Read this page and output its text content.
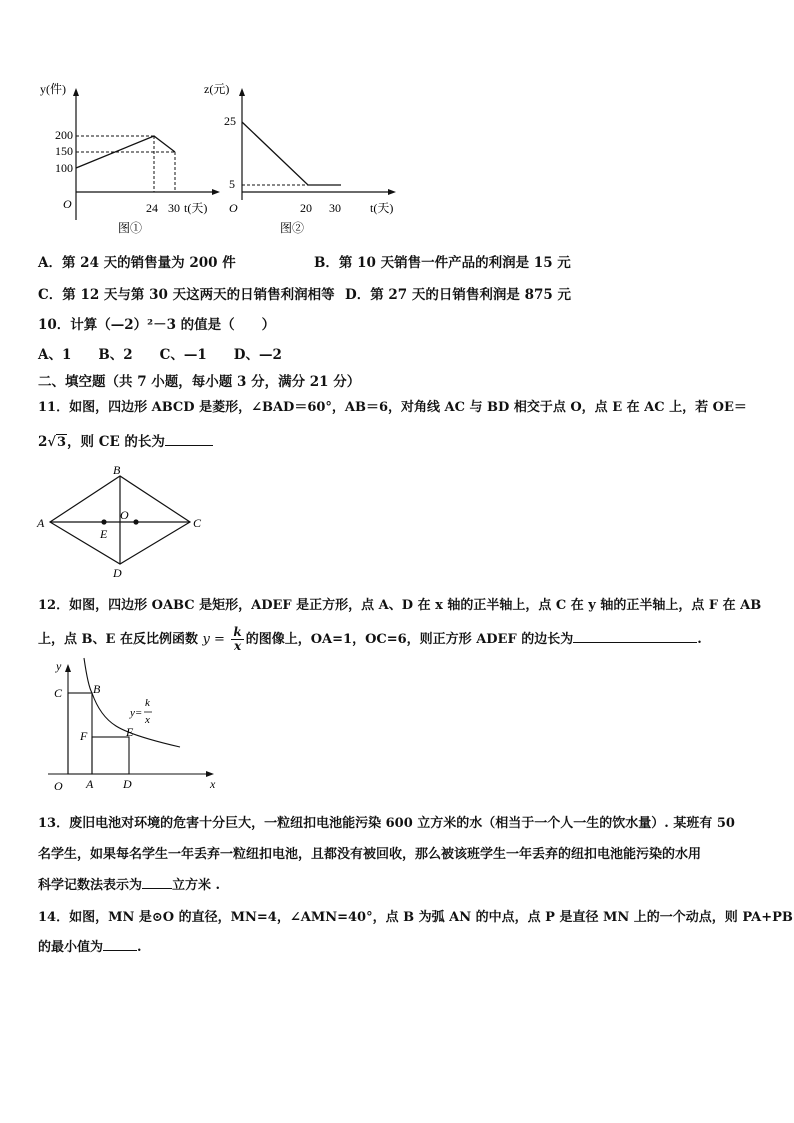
y(件)
200
150
100
O	24 30 t(天)
图①
z(元)
25
5
O	20 30 t(天)
图②
A．第 24 天的销售量为 200 件	B．第 10 天销售一件产品的利润是 15 元
C．第 12 天与第 30 天这两天的日销售利润相等 D．第 27 天的日销售利润是 875 元
10．计算（—2）²－3 的值是（　　）
A、1　　B、2　　C、—1　　D、—2
二、填空题（共 7 小题，每小题 3 分，满分 21 分）
11．如图，四边形 ABCD 是菱形，∠BAD＝60°，AB＝6，对角线 AC 与 BD 相交于点 O，点 E 在 AC 上，若 OE＝
2√3，则 CE 的长为
A
B
C
D
O
E
12．如图，四边形 OABC 是矩形，ADEF 是正方形，点 A、D 在 x 轴的正半轴上，点 C 在 y 轴的正半轴上，点 F 在 AB
上，点 B、E 在反比例函数 $y = \frac{k}{x}$ 的图像上，OA=1，OC=6，则正方形 ADEF 的边长为	.
y
C	B
F	E
O A D	x
y=
k
x
13．废旧电池对环境的危害十分巨大，一粒纽扣电池能污染 600 立方米的水（相当于一个人一生的饮水量）. 某班有 50
名学生，如果每名学生一年丢弃一粒纽扣电池，且都没有被回收，那么被该班学生一年丢弃的纽扣电池能污染的水用
科学记数法表示为 立方米 .
14．如图，MN 是⊙O 的直径，MN=4，∠AMN=40°，点 B 为弧 AN 的中点，点 P 是直径 MN 上的一个动点，则 PA+PB
的最小值为	.
